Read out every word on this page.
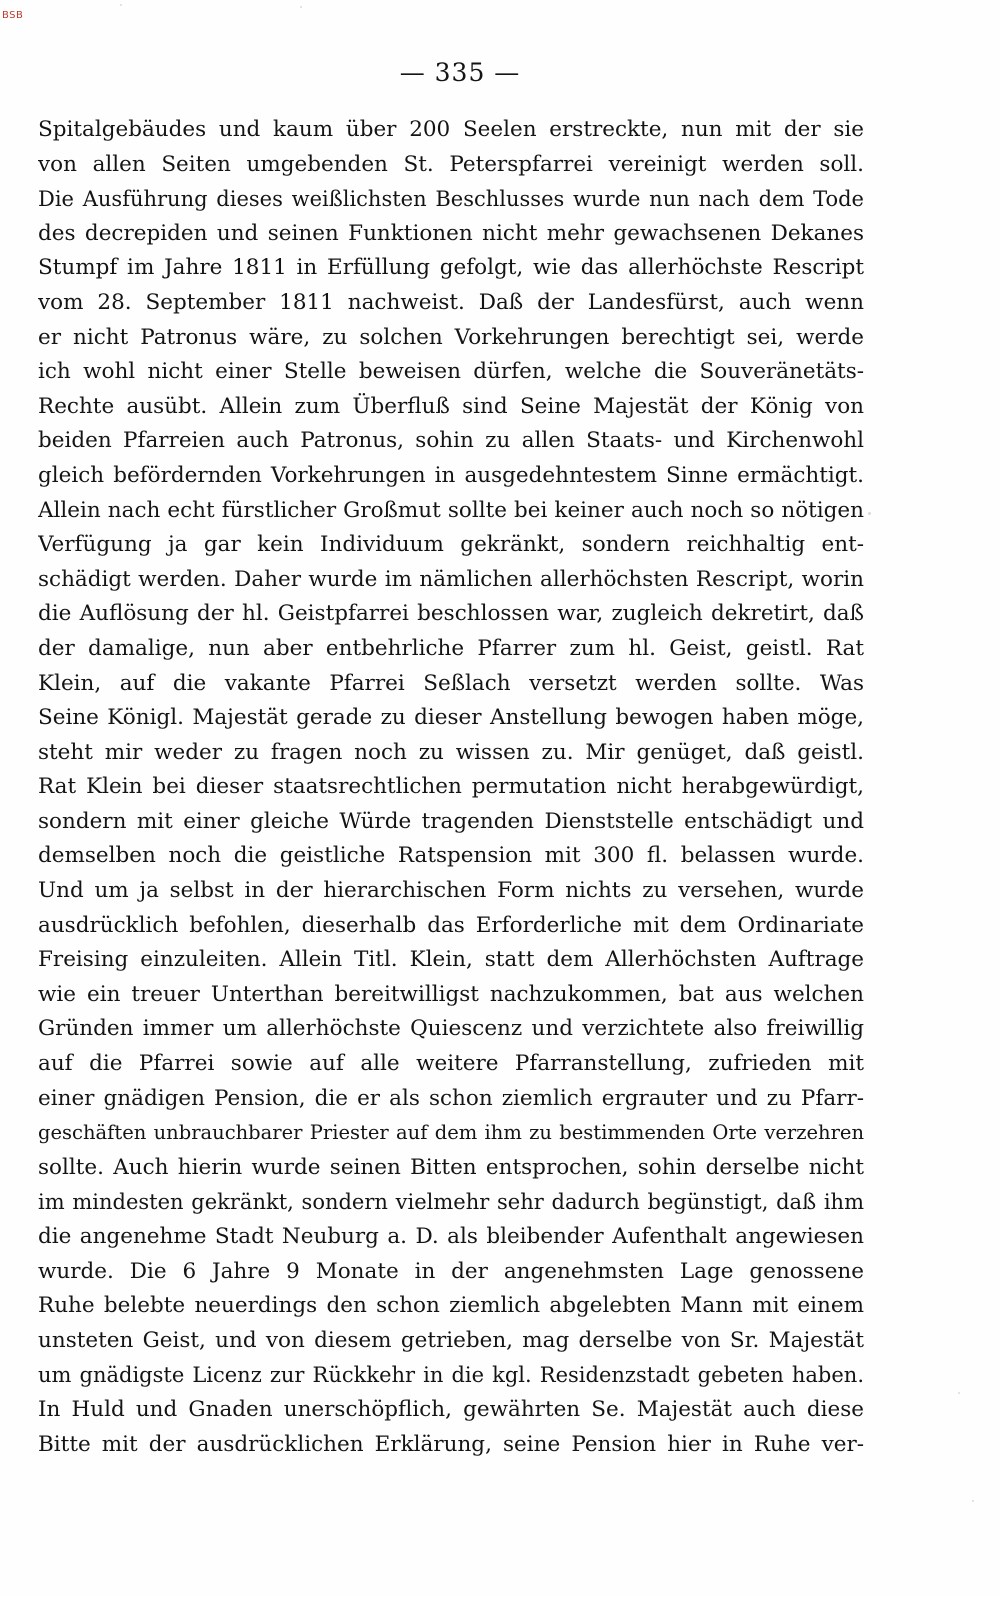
BSB
— 335 —
Spitalgebäudes und kaum über 200 Seelen erstreckte, nun mit der sie
von allen Seiten umgebenden St. Peterspfarrei vereinigt werden soll.
Die Ausführung dieses weißlichsten Beschlusses wurde nun nach dem Tode
des decrepiden und seinen Funktionen nicht mehr gewachsenen Dekanes
Stumpf im Jahre 1811 in Erfüllung gefolgt, wie das allerhöchste Rescript
vom 28. September 1811 nachweist. Daß der Landesfürst, auch wenn
er nicht Patronus wäre, zu solchen Vorkehrungen berechtigt sei, werde
ich wohl nicht einer Stelle beweisen dürfen, welche die Souveränetäts-
Rechte ausübt. Allein zum Überfluß sind Seine Majestät der König von
beiden Pfarreien auch Patronus, sohin zu allen Staats- und Kirchenwohl
gleich befördernden Vorkehrungen in ausgedehntestem Sinne ermächtigt.
Allein nach echt fürstlicher Großmut sollte bei keiner auch noch so nötigen
Verfügung ja gar kein Individuum gekränkt, sondern reichhaltig ent-
schädigt werden. Daher wurde im nämlichen allerhöchsten Rescript, worin
die Auflösung der hl. Geistpfarrei beschlossen war, zugleich dekretirt, daß
der damalige, nun aber entbehrliche Pfarrer zum hl. Geist, geistl. Rat
Klein, auf die vakante Pfarrei Seßlach versetzt werden sollte. Was
Seine Königl. Majestät gerade zu dieser Anstellung bewogen haben möge,
steht mir weder zu fragen noch zu wissen zu. Mir genüget, daß geistl.
Rat Klein bei dieser staatsrechtlichen permutation nicht herabgewürdigt,
sondern mit einer gleiche Würde tragenden Dienststelle entschädigt und
demselben noch die geistliche Ratspension mit 300 fl. belassen wurde.
Und um ja selbst in der hierarchischen Form nichts zu versehen, wurde
ausdrücklich befohlen, dieserhalb das Erforderliche mit dem Ordinariate
Freising einzuleiten. Allein Titl. Klein, statt dem Allerhöchsten Auftrage
wie ein treuer Unterthan bereitwilligst nachzukommen, bat aus welchen
Gründen immer um allerhöchste Quiescenz und verzichtete also freiwillig
auf die Pfarrei sowie auf alle weitere Pfarranstellung, zufrieden mit
einer gnädigen Pension, die er als schon ziemlich ergrauter und zu Pfarr-
geschäften unbrauchbarer Priester auf dem ihm zu bestimmenden Orte verzehren
sollte. Auch hierin wurde seinen Bitten entsprochen, sohin derselbe nicht
im mindesten gekränkt, sondern vielmehr sehr dadurch begünstigt, daß ihm
die angenehme Stadt Neuburg a. D. als bleibender Aufenthalt angewiesen
wurde. Die 6 Jahre 9 Monate in der angenehmsten Lage genossene
Ruhe belebte neuerdings den schon ziemlich abgelebten Mann mit einem
unsteten Geist, und von diesem getrieben, mag derselbe von Sr. Majestät
um gnädigste Licenz zur Rückkehr in die kgl. Residenzstadt gebeten haben.
In Huld und Gnaden unerschöpflich, gewährten Se. Majestät auch diese
Bitte mit der ausdrücklichen Erklärung, seine Pension hier in Ruhe ver-
